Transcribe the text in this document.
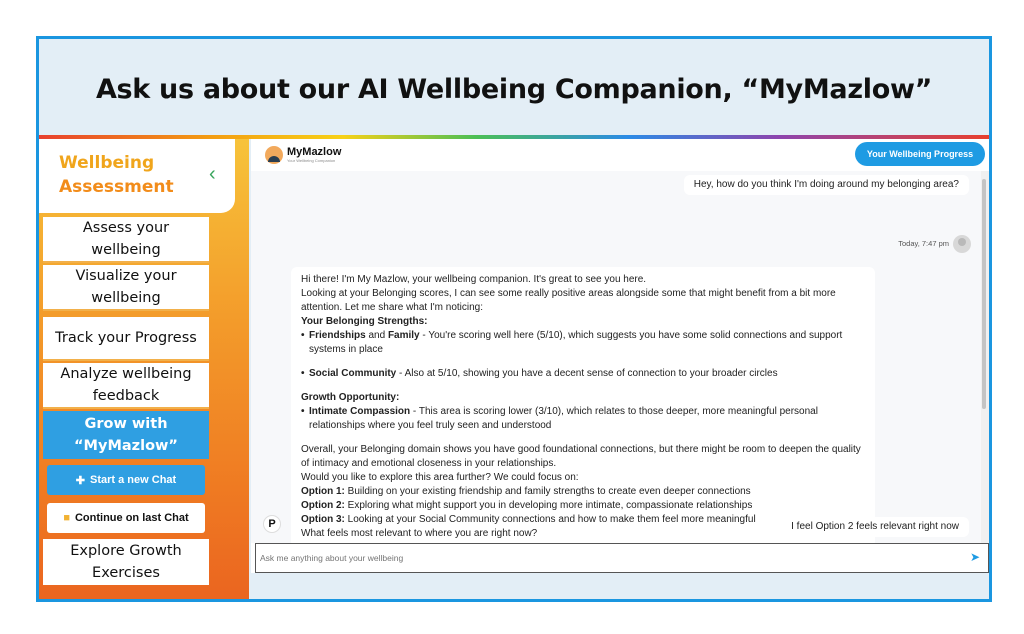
Ask us about our AI Wellbeing Companion, “MyMazlow”
Wellbeing
Assessment
‹
Assess your
wellbeing
Visualize your
wellbeing
Track your Progress
Analyze wellbeing
feedback
Grow with
“MyMazlow”
✚ Start a new Chat
■ Continue on last Chat
Explore Growth
Exercises
MyMazlow
Your Wellbeing Companion
Your Wellbeing Progress
Hey, how do you think I'm doing around my belonging area?
Today, 7:47 pm

Hi there! I'm My Mazlow, your wellbeing companion. It's great to see you here.

Looking at your Belonging scores, I can see some really positive areas alongside some that might benefit from a bit more attention. Let me share what I'm noticing:

Your Belonging Strengths:

• Friendships and Family - You're scoring well here (5/10), which suggests you have some solid connections and support systems in place
• Social Community - Also at 5/10, showing you have a decent sense of connection to your broader circles

Growth Opportunity:

• Intimate Compassion - This area is scoring lower (3/10), which relates to those deeper, more meaningful personal relationships where you feel truly seen and understood

Overall, your Belonging domain shows you have good foundational connections, but there might be room to deepen the quality of intimacy and emotional closeness in your relationships.

Would you like to explore this area further? We could focus on:

Option 1: Building on your existing friendship and family strengths to create even deeper connections

Option 2: Exploring what might support you in developing more intimate, compassionate relationships

Option 3: Looking at your Social Community connections and how to make them feel more meaningful

What feels most relevant to where you are right now?

P	I feel Option 2 feels relevant right now
Ask me anything about your wellbeing
➤
